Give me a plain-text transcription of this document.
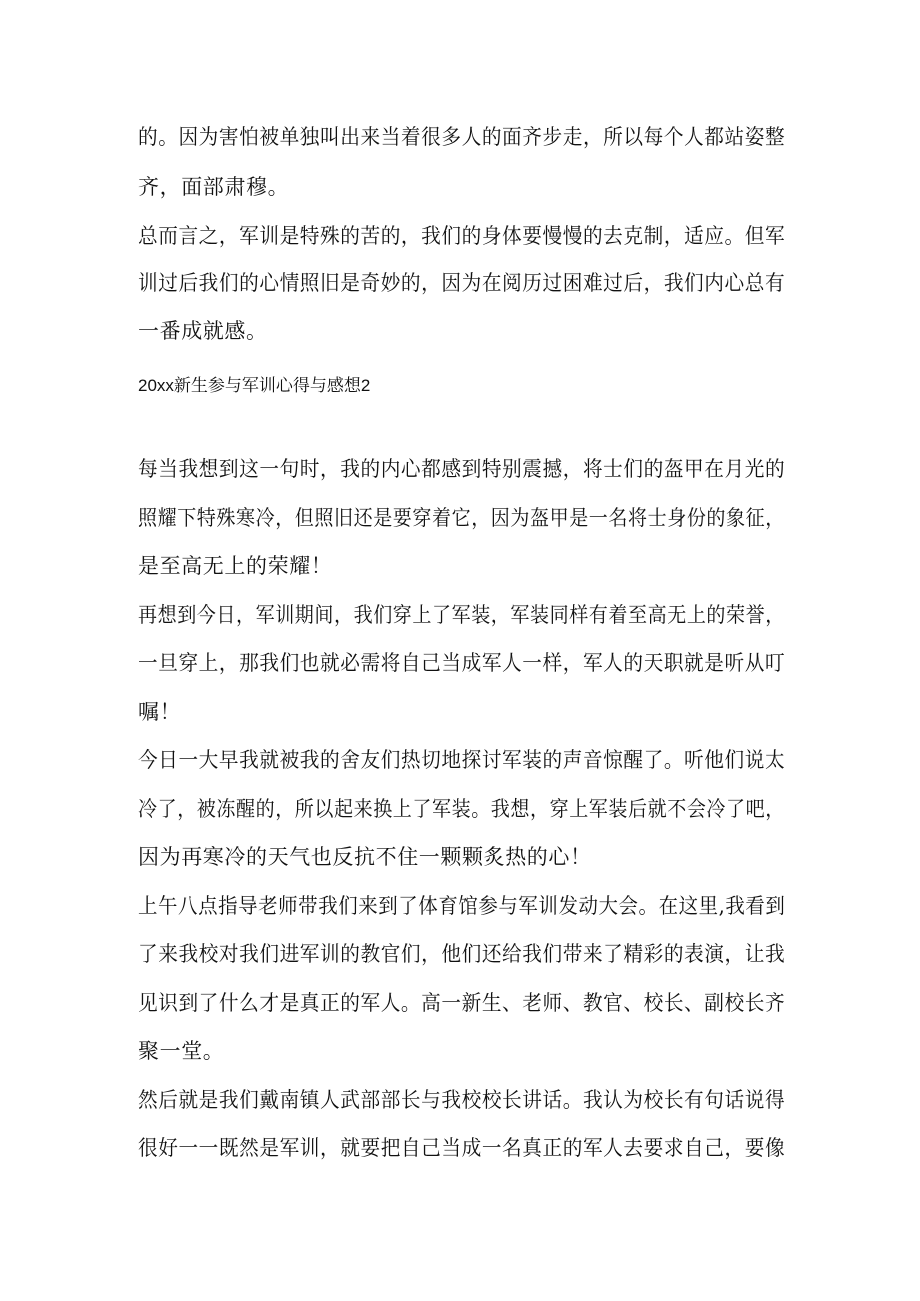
的。因为害怕被单独叫出来当着很多人的面齐步走，所以每个人都站姿整
齐，面部肃穆。
总而言之，军训是特殊的苦的，我们的身体要慢慢的去克制，适应。但军
训过后我们的心情照旧是奇妙的，因为在阅历过困难过后，我们内心总有
一番成就感。
20xx新生参与军训心得与感想2
每当我想到这一句时，我的内心都感到特别震撼，将士们的盔甲在月光的
照耀下特殊寒冷，但照旧还是要穿着它，因为盔甲是一名将士身份的象征，
是至高无上的荣耀！
再想到今日，军训期间，我们穿上了军装，军装同样有着至高无上的荣誉，
一旦穿上，那我们也就必需将自己当成军人一样，军人的天职就是听从叮
嘱！
今日一大早我就被我的舍友们热切地探讨军装的声音惊醒了。听他们说太
冷了，被冻醒的，所以起来换上了军装。我想，穿上军装后就不会冷了吧，
因为再寒冷的天气也反抗不住一颗颗炙热的心！
上午八点指导老师带我们来到了体育馆参与军训发动大会。在这里,我看到
了来我校对我们进军训的教官们，他们还给我们带来了精彩的表演，让我
见识到了什么才是真正的军人。高一新生、老师、教官、校长、副校长齐
聚一堂。
然后就是我们戴南镇人武部部长与我校校长讲话。我认为校长有句话说得
很好一一既然是军训，就要把自己当成一名真正的军人去要求自己，要像
